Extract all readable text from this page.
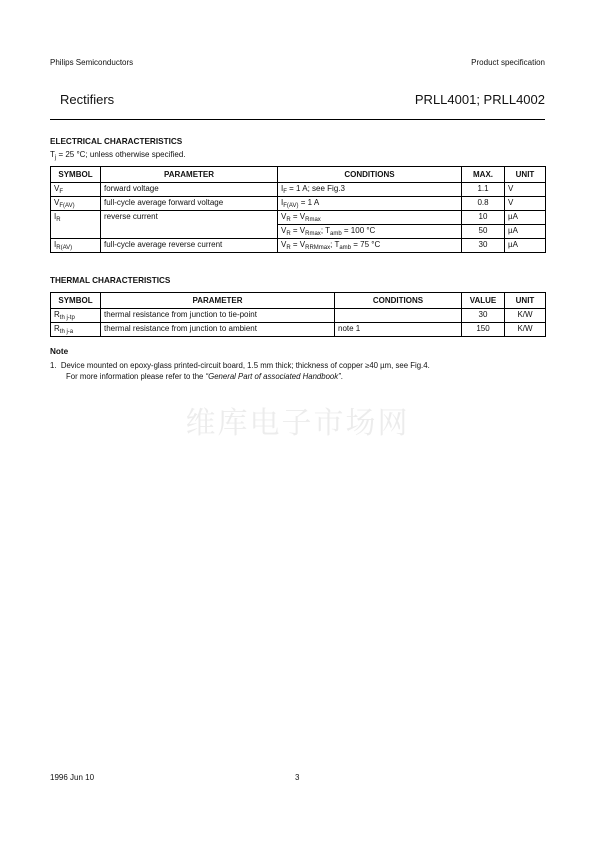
Philips Semiconductors	Product specification
Rectifiers	PRLL4001; PRLL4002
ELECTRICAL CHARACTERISTICS
$T_j = 25$ °C; unless otherwise specified.
SYMBOL	PARAMETER	CONDITIONS	MAX.	UNIT
$V_F$	forward voltage	$I_F = 1$ A; see Fig.3	1.1	V
$V_{F(AV)}$	full-cycle average forward voltage	$I_{F(AV)} = 1$ A	0.8	V
$I_R$	reverse current	$V_R = V_{Rmax}$	10	µA
		$V_R = V_{Rmax}$; $T_{amb} = 100$ °C	50	µA
$I_{R(AV)}$	full-cycle average reverse current	$V_R = V_{RRMmax}$; $T_{amb} = 75$ °C	30	µA
THERMAL CHARACTERISTICS
SYMBOL	PARAMETER	CONDITIONS	VALUE	UNIT
$R_{th j-tp}$	thermal resistance from junction to tie-point		30	K/W
$R_{th j-a}$	thermal resistance from junction to ambient	note 1	150	K/W
Note
1.  Device mounted on epoxy-glass printed-circuit board, 1.5 mm thick; thickness of copper ≥40 µm, see Fig.4.
For more information please refer to the “General Part of associated Handbook”.
维库电子市场网
1996 Jun 10	3
